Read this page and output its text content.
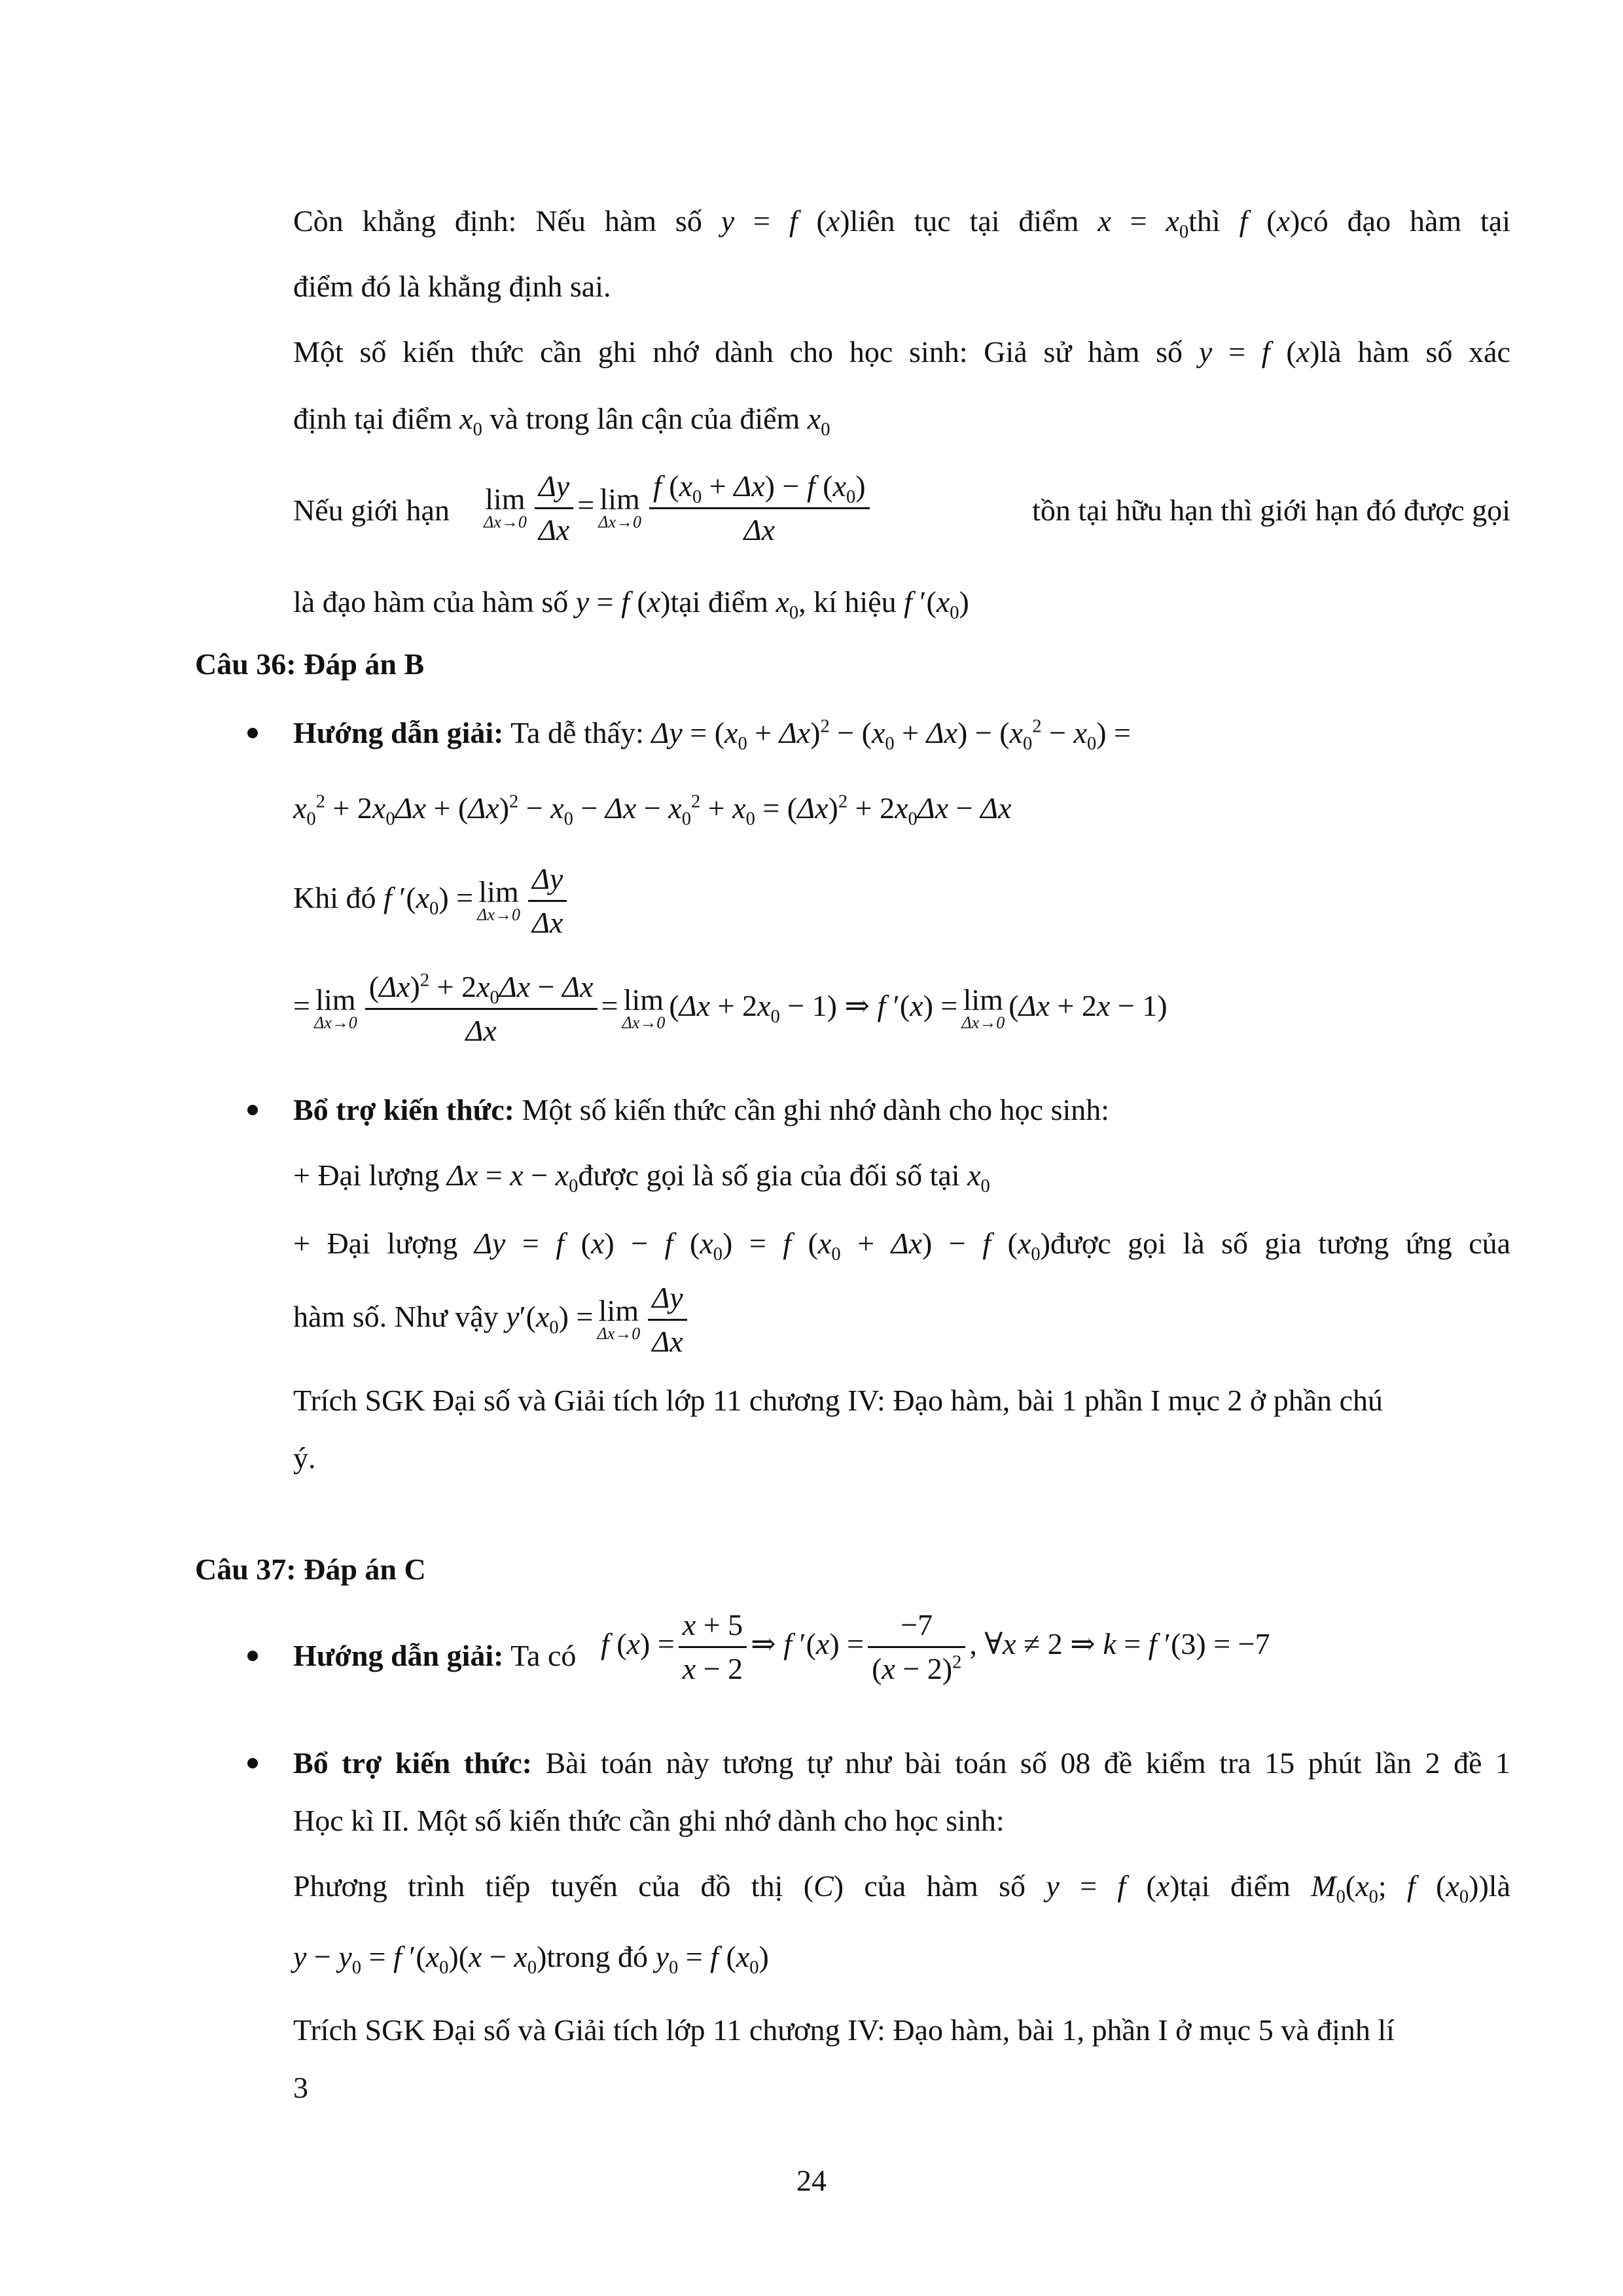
Còn khẳng định: Nếu hàm số y = f (x)liên tục tại điểm $x = x_0thì$ f (x)có đạo hàm tại
điểm đó là khẳng định sai.
Một số kiến thức cần ghi nhớ dành cho học sinh: Giả sử hàm số y = f (x)là hàm số xác
định tại điểm $x_0$ và trong lân cận của điểm $x_0$
Nếu giới hạn lim
$\Delta x\to 0 \frac{\Delta y}{\Delta x} = \lim$
$\Delta x\to 0 \frac{f (x_0 + \Delta x) - f (x_0)}{\Delta x}$	tồn tại hữu hạn thì giới hạn đó được gọi
là đạo hàm của hàm số y = f (x)tại điểm $x_0$, kí hiệu f $'(x_0)$
Câu 36: Đáp án B
Hướng dẫn giải: Ta dễ thấy: $\Delta y = (x_0 + \Delta x)^2 - (x_0 + \Delta x) - (x_0^2 - x_0)$ =
$x_0^2 + 2x_0\Delta x + (\Delta x)^2 - x_0 - \Delta x - x_0^2 + x_0 = (\Delta x)^2 + 2x_0\Delta x - \Delta x$
Khi đó f $'(x_0) = \lim$
$\Delta x\to 0 \frac{\Delta y}{\Delta x}$
= lim
$\Delta x\to 0 \frac{(\Delta x)^2 + 2x_0\Delta x - \Delta x}{\Delta x} = \lim$
Δx→0 $(\Delta x + 2x_0 - 1)$ ⇒ f ′(x) = lim
Δx→0 (Δx + 2x − 1)
Bổ trợ kiến thức: Một số kiến thức cần ghi nhớ dành cho học sinh:
+ Đại lượng $\Delta x = x - x_0được$ gọi là số gia của đối số tại $x_0$
+ Đại lượng Δy = f (x) − f $(x_0) = f$ $(x_0 + \Delta x) - f$ $(x_0)được$ gọi là số gia tương ứng của
hàm số. Như vậy $y'(x_0) = \lim$
$\Delta x\to 0 \frac{\Delta y}{\Delta x}$
Trích SGK Đại số và Giải tích lớp 11 chương IV: Đạo hàm, bài 1 phần I mục 2 ở phần chú
ý.
Câu 37: Đáp án C
Hướng dẫn giải: Ta có f $(x) = \frac{x + 5}{x - 2}$ ⇒ f $'(x) = \frac{-7}{(x - 2)^2}$ , ∀x ≠ 2 ⇒ k = f ′(3) = −7
Bổ trợ kiến thức: Bài toán này tương tự như bài toán số 08 đề kiểm tra 15 phút lần 2 đề 1
Học kì II. Một số kiến thức cần ghi nhớ dành cho học sinh:
Phương trình tiếp tuyến của đồ thị (C) của hàm số y = f (x)tại điểm $M_0(x_0$; f $(x_0))là$
$y - y_0 = f$ $'(x_0)(x$ − $x_0)trong$ đó $y_0 = f$ $(x_0)$
Trích SGK Đại số và Giải tích lớp 11 chương IV: Đạo hàm, bài 1, phần I ở mục 5 và định lí
3
24
